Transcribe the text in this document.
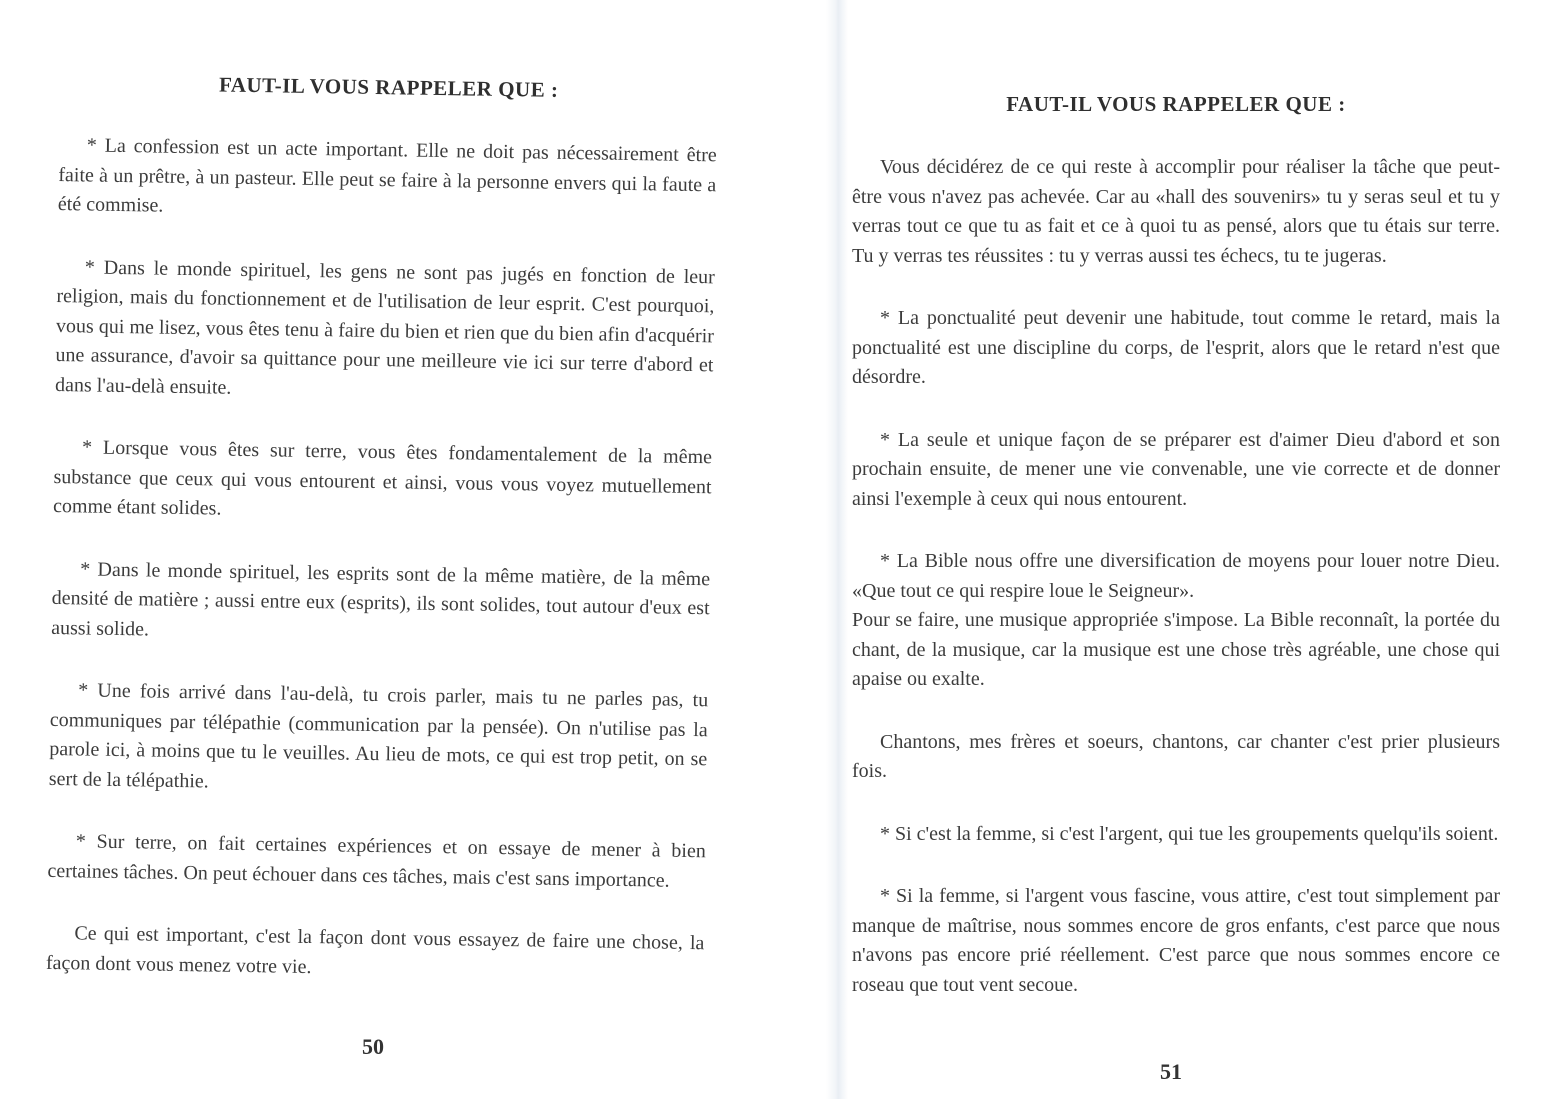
FAUT-IL VOUS RAPPELER QUE :

* La confession est un acte important. Elle ne doit pas nécessairement être faite à un prêtre, à un pasteur. Elle peut se faire à la personne envers qui la faute a été commise.

* Dans le monde spirituel, les gens ne sont pas jugés en fonction de leur religion, mais du fonctionnement et de l'utilisation de leur esprit. C'est pourquoi, vous qui me lisez, vous êtes tenu à faire du bien et rien que du bien afin d'acquérir une assurance, d'avoir sa quittance pour une meilleure vie ici sur terre d'abord et dans l'au-delà ensuite.

* Lorsque vous êtes sur terre, vous êtes fondamentalement de la même substance que ceux qui vous entourent et ainsi, vous vous voyez mutuellement comme étant solides.

* Dans le monde spirituel, les esprits sont de la même matière, de la même densité de matière ; aussi entre eux (esprits), ils sont solides, tout autour d'eux est aussi solide.

* Une fois arrivé dans l'au-delà, tu crois parler, mais tu ne parles pas, tu communiques par télépathie (communication par la pensée). On n'utilise pas la parole ici, à moins que tu le veuilles. Au lieu de mots, ce qui est trop petit, on se sert de la télépathie.

* Sur terre, on fait certaines expériences et on essaye de mener à bien certaines tâches. On peut échouer dans ces tâches, mais c'est sans importance.

Ce qui est important, c'est la façon dont vous essayez de faire une chose, la façon dont vous menez votre vie.

50

FAUT-IL VOUS RAPPELER QUE :

Vous décidérez de ce qui reste à accomplir pour réaliser la tâche que peut-être vous n'avez pas achevée. Car au «hall des souvenirs» tu y seras seul et tu y verras tout ce que tu as fait et ce à quoi tu as pensé, alors que tu étais sur terre. Tu y verras tes réussites : tu y verras aussi tes échecs, tu te jugeras.

* La ponctualité peut devenir une habitude, tout comme le retard, mais la ponctualité est une discipline du corps, de l'esprit, alors que le retard n'est que désordre.

* La seule et unique façon de se préparer est d'aimer Dieu d'abord et son prochain ensuite, de mener une vie convenable, une vie correcte et de donner ainsi l'exemple à ceux qui nous entourent.

* La Bible nous offre une diversification de moyens pour louer notre Dieu. «Que tout ce qui respire loue le Seigneur».

Pour se faire, une musique appropriée s'impose. La Bible reconnaît, la portée du chant, de la musique, car la musique est une chose très agréable, une chose qui apaise ou exalte.

Chantons, mes frères et soeurs, chantons, car chanter c'est prier plusieurs fois.

* Si c'est la femme, si c'est l'argent, qui tue les groupements quelqu'ils soient.

* Si la femme, si l'argent vous fascine, vous attire, c'est tout simplement par manque de maîtrise, nous sommes encore de gros enfants, c'est parce que nous n'avons pas encore prié réellement. C'est parce que nous sommes encore ce roseau que tout vent secoue.

51
